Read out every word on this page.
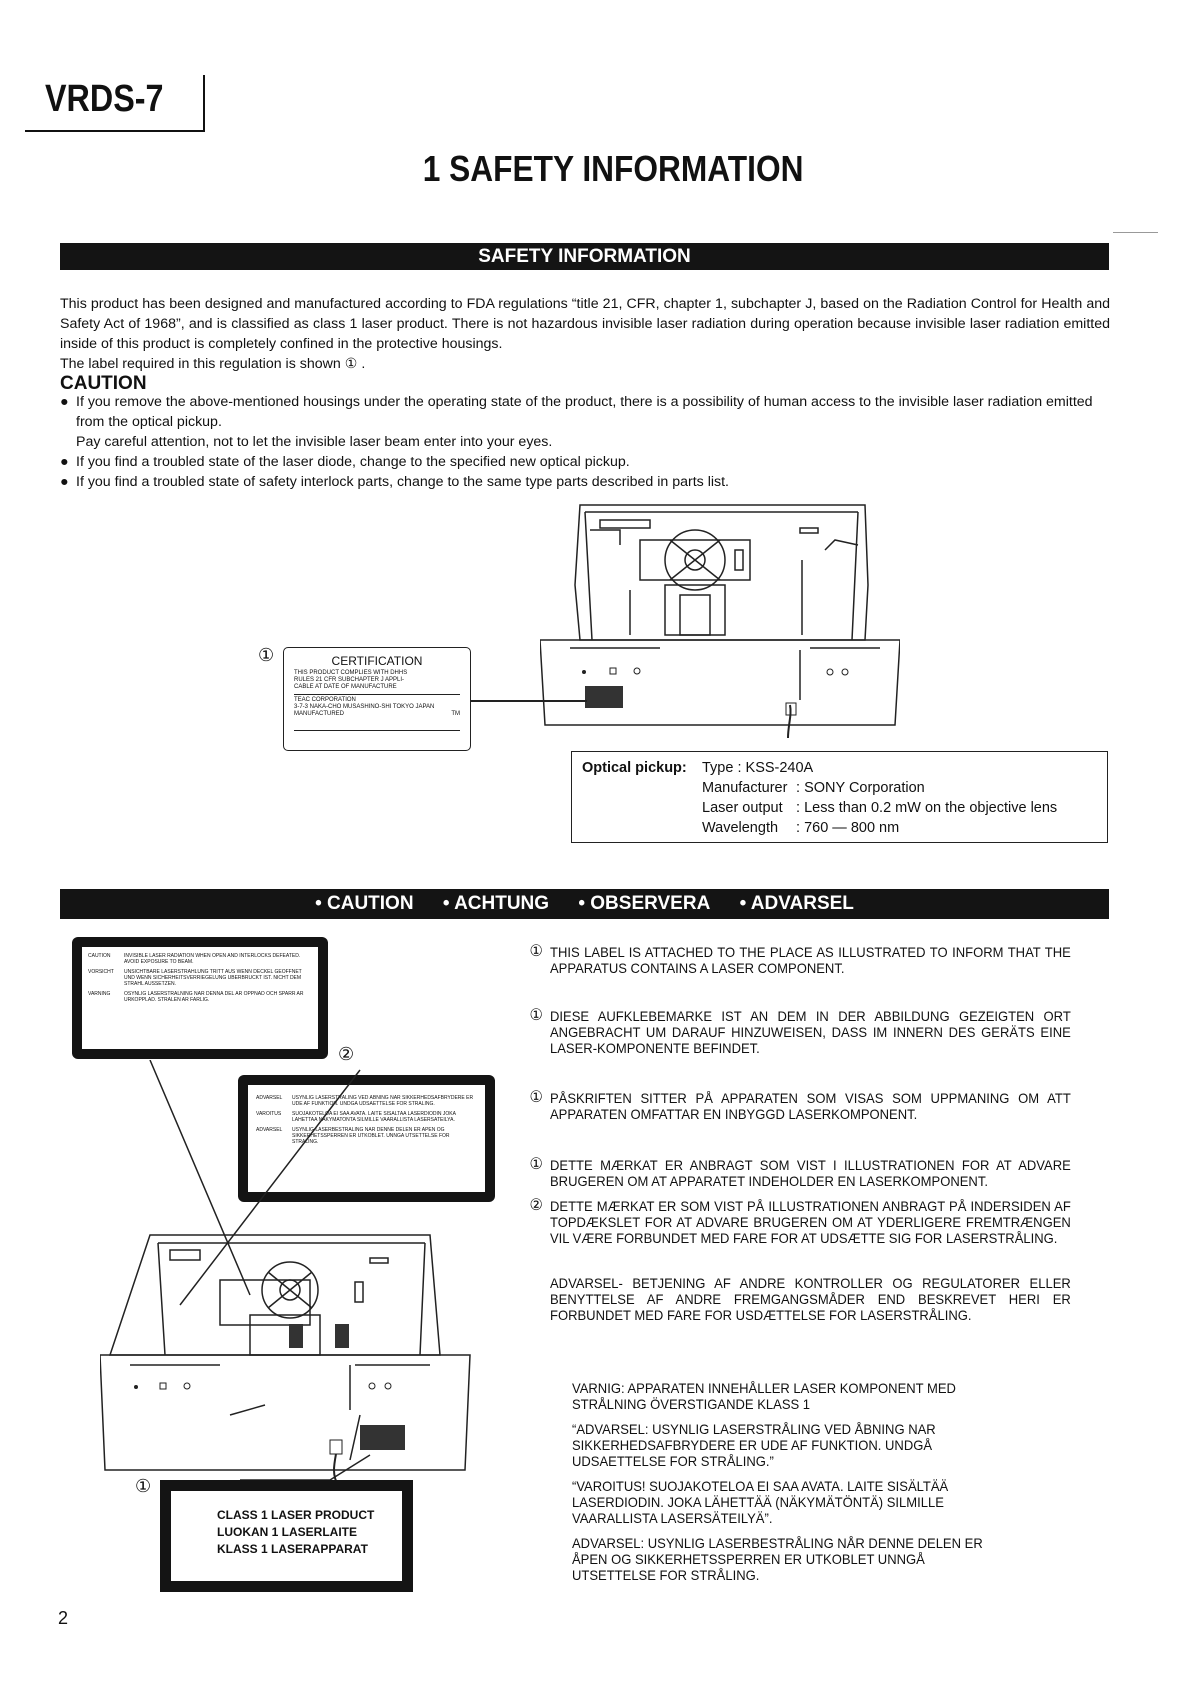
VRDS-7
1 SAFETY INFORMATION
SAFETY INFORMATION
This product has been designed and manufactured according to FDA regulations “title 21, CFR, chapter 1, subchapter J, based on the Radiation Control for Health and Safety Act of 1968”, and is classified as class 1 laser product. There is not hazardous invisible laser radiation during operation because invisible laser radiation emitted inside of this product is completely confined in the protective housings.
The label required in this regulation is shown ① .
CAUTION
● If you remove the above-mentioned housings under the operating state of the product, there is a possibility of human access to the invisible laser radiation emitted from the optical pickup.
Pay careful attention, not to let the invisible laser beam enter into your eyes.
● If you find a troubled state of the laser diode, change to the specified new optical pickup.
● If you find a troubled state of safety interlock parts, change to the same type parts described in parts list.
①	CERTIFICATION
THIS PRODUCT COMPLIES WITH DHHS
RULES 21 CFR SUBCHAPTER J APPLI-
CABLE AT DATE OF MANUFACTURE
TEAC CORPORATION
3-7-3 NAKA-CHO MUSASHINO-SHI TOKYO JAPAN
MANUFACTURED	TM
Optical pickup: Type : KSS-240A
Manufacturer : SONY Corporation
Laser output : Less than 0.2 mW on the objective lens
Wavelength : 760 — 800 nm
• CAUTION • ACHTUNG • OBSERVERA • ADVARSEL
CAUTION	INVISIBLE LASER RADIATION WHEN OPEN AND INTERLOCKS DEFEATED. AVOID EXPOSURE TO BEAM.
VORSICHT	UNSICHTBARE LASERSTRAHLUNG TRITT AUS WENN DECKEL GEOFFNET UND WENN SICHERHEITSVERRIEGELUNG UBERBRUCKT IST. NICHT DEM STRAHL AUSSETZEN.
VARNING	OSYNLIG LASERSTRALNING NAR DENNA DEL AR OPPNAD OCH SPARR AR URKOPPLAD. STRALEN AR FARLIG.
②
ADVARSEL	USYNLIG LASERSTRALING VED ABNING NAR SIKKERHEDSAFBRYDERE ER UDE AF FUNKTION. UNDGA UDSAETTELSE FOR STRALING.
VAROITUS	SUOJAKOTELOA EI SAA AVATA. LAITE SISALTAA LASERDIODIN JOKA LAHETTAA NAKYMATONTA SILMILLE VAARALLISTA LASERSATEILYA.
ADVARSEL	USYNLIG LASERBESTRALING NAR DENNE DELEN ER APEN OG SIKKERHETSSPERREN ER UTKOBLET. UNNGA UTSETTELSE FOR STRALING.
①
CLASS 1 LASER PRODUCT
LUOKAN 1 LASERLAITE
KLASS 1 LASERAPPARAT
① THIS LABEL IS ATTACHED TO THE PLACE AS ILLUSTRATED TO INFORM THAT THE APPARATUS CONTAINS A LASER COMPONENT.
① DIESE AUFKLEBEMARKE IST AN DEM IN DER ABBILDUNG GEZEIGTEN ORT ANGEBRACHT UM DARAUF HINZUWEISEN, DASS IM INNERN DES GERÄTS EINE LASER-KOMPONENTE BEFINDET.
① PÅSKRIFTEN SITTER PÅ APPARATEN SOM VISAS SOM UPPMANING OM ATT APPARATEN OMFATTAR EN INBYGGD LASERKOMPONENT.
① DETTE MÆRKAT ER ANBRAGT SOM VIST I ILLUSTRATIONEN FOR AT ADVARE BRUGEREN OM AT APPARATET INDEHOLDER EN LASERKOMPONENT.
② DETTE MÆRKAT ER SOM VIST PÅ ILLUSTRATIONEN ANBRAGT PÅ INDERSIDEN AF TOPDÆKSLET FOR AT ADVARE BRUGEREN OM AT YDERLIGERE FREMTRÆNGEN VIL VÆRE FORBUNDET MED FARE FOR AT UDSÆTTE SIG FOR LASERSTRÅLING.
ADVARSEL- BETJENING AF ANDRE KONTROLLER OG REGULATORER ELLER BENYTTELSE AF ANDRE FREMGANGSMÅDER END BESKREVET HERI ER FORBUNDET MED FARE FOR USDÆTTELSE FOR LASERSTRÅLING.
VARNIG: APPARATEN INNEHÅLLER LASER KOMPONENT MED STRÅLNING ÖVERSTIGANDE KLASS 1
“ADVARSEL: USYNLIG LASERSTRÅLING VED ÅBNING NAR SIKKERHEDSAFBRYDERE ER UDE AF FUNKTION. UNDGÅ UDSAETTELSE FOR STRÅLING.”
“VAROITUS! SUOJAKOTELOA EI SAA AVATA. LAITE SISÄLTÄÄ LASERDIODIN. JOKA LÄHETTÄÄ (NÄKYMÄTÖNTÄ) SILMILLE VAARALLISTA LASERSÄTEILYÄ”.
ADVARSEL: USYNLIG LASERBESTRÅLING NÅR DENNE DELEN ER ÅPEN OG SIKKERHETSSPERREN ER UTKOBLET UNNGÅ UTSETTELSE FOR STRÅLING.
2
